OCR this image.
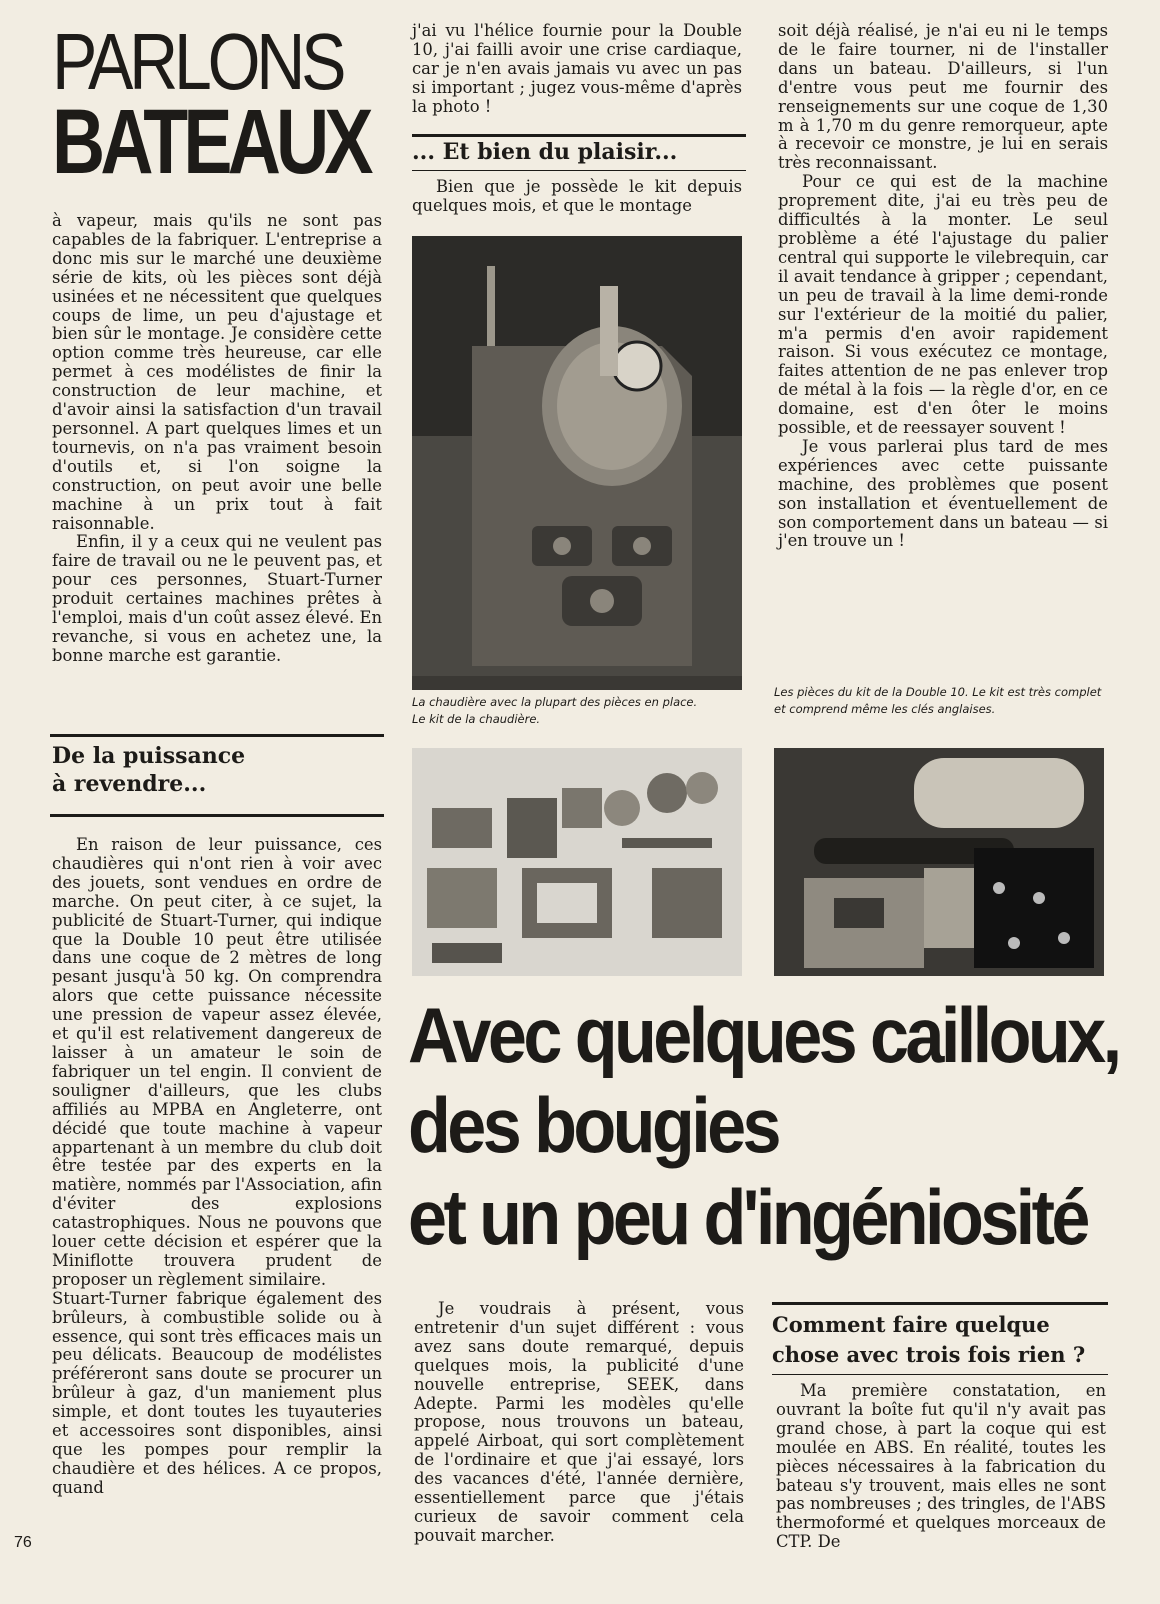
PARLONS
BATEAUX

à vapeur, mais qu'ils ne sont pas capables de la fabriquer. L'entreprise a donc mis sur le marché une deuxième série de kits, où les pièces sont déjà usinées et ne nécessitent que quelques coups de lime, un peu d'ajustage et bien sûr le montage. Je considère cette option comme très heureuse, car elle permet à ces modélistes de finir la construction de leur machine, et d'avoir ainsi la satisfaction d'un travail personnel. A part quelques limes et un tournevis, on n'a pas vraiment besoin d'outils et, si l'on soigne la construction, on peut avoir une belle machine à un prix tout à fait raisonnable.

Enfin, il y a ceux qui ne veulent pas faire de travail ou ne le peuvent pas, et pour ces personnes, Stuart-Turner produit certaines machines prêtes à l'emploi, mais d'un coût assez élevé. En revanche, si vous en achetez une, la bonne marche est garantie.

De la puissance
à revendre...

En raison de leur puissance, ces chaudières qui n'ont rien à voir avec des jouets, sont vendues en ordre de marche. On peut citer, à ce sujet, la publicité de Stuart-Turner, qui indique que la Double 10 peut être utilisée dans une coque de 2 mètres de long pesant jusqu'à 50 kg. On comprendra alors que cette puissance nécessite une pression de vapeur assez élevée, et qu'il est relativement dangereux de laisser à un amateur le soin de fabriquer un tel engin. Il convient de souligner d'ailleurs, que les clubs affiliés au MPBA en Angleterre, ont décidé que toute machine à vapeur appartenant à un membre du club doit être testée par des experts en la matière, nommés par l'Association, afin d'éviter des explosions catastrophiques. Nous ne pouvons que louer cette décision et espérer que la Miniflotte trouvera prudent de proposer un règlement similaire.

Stuart-Turner fabrique également des brûleurs, à combustible solide ou à essence, qui sont très efficaces mais un peu délicats. Beaucoup de modélistes préféreront sans doute se procurer un brûleur à gaz, d'un maniement plus simple, et dont toutes les tuyauteries et accessoires sont disponibles, ainsi que les pompes pour remplir la chaudière et des hélices. A ce propos, quand

76

j'ai vu l'hélice fournie pour la Double 10, j'ai failli avoir une crise cardiaque, car je n'en avais jamais vu avec un pas si important ; jugez vous-même d'après la photo !

... Et bien du plaisir...

Bien que je possède le kit depuis quelques mois, et que le montage

La chaudière avec la plupart des pièces en place.
Le kit de la chaudière.

soit déjà réalisé, je n'ai eu ni le temps de le faire tourner, ni de l'installer dans un bateau. D'ailleurs, si l'un d'entre vous peut me fournir des renseignements sur une coque de 1,30 m à 1,70 m du genre remorqueur, apte à recevoir ce monstre, je lui en serais très reconnaissant.

Pour ce qui est de la machine proprement dite, j'ai eu très peu de difficultés à la monter. Le seul problème a été l'ajustage du palier central qui supporte le vilebrequin, car il avait tendance à gripper ; cependant, un peu de travail à la lime demi-ronde sur l'extérieur de la moitié du palier, m'a permis d'en avoir rapidement raison. Si vous exécutez ce montage, faites attention de ne pas enlever trop de métal à la fois — la règle d'or, en ce domaine, est d'en ôter le moins possible, et de reessayer souvent !

Je vous parlerai plus tard de mes expériences avec cette puissante machine, des problèmes que posent son installation et éventuellement de son comportement dans un bateau — si j'en trouve un !

Les pièces du kit de la Double 10. Le kit est très complet et comprend même les clés anglaises.
Avec quelques cailloux,
des bougies
et un peu d'ingéniosité

Je voudrais à présent, vous entretenir d'un sujet différent : vous avez sans doute remarqué, depuis quelques mois, la publicité d'une nouvelle entreprise, SEEK, dans Adepte. Parmi les modèles qu'elle propose, nous trouvons un bateau, appelé Airboat, qui sort complètement de l'ordinaire et que j'ai essayé, lors des vacances d'été, l'année dernière, essentiellement parce que j'étais curieux de savoir comment cela pouvait marcher.

Comment faire quelque
chose avec trois fois rien ?

Ma première constatation, en ouvrant la boîte fut qu'il n'y avait pas grand chose, à part la coque qui est moulée en ABS. En réalité, toutes les pièces nécessaires à la fabrication du bateau s'y trouvent, mais elles ne sont pas nombreuses ; des tringles, de l'ABS thermoformé et quelques morceaux de CTP. De
